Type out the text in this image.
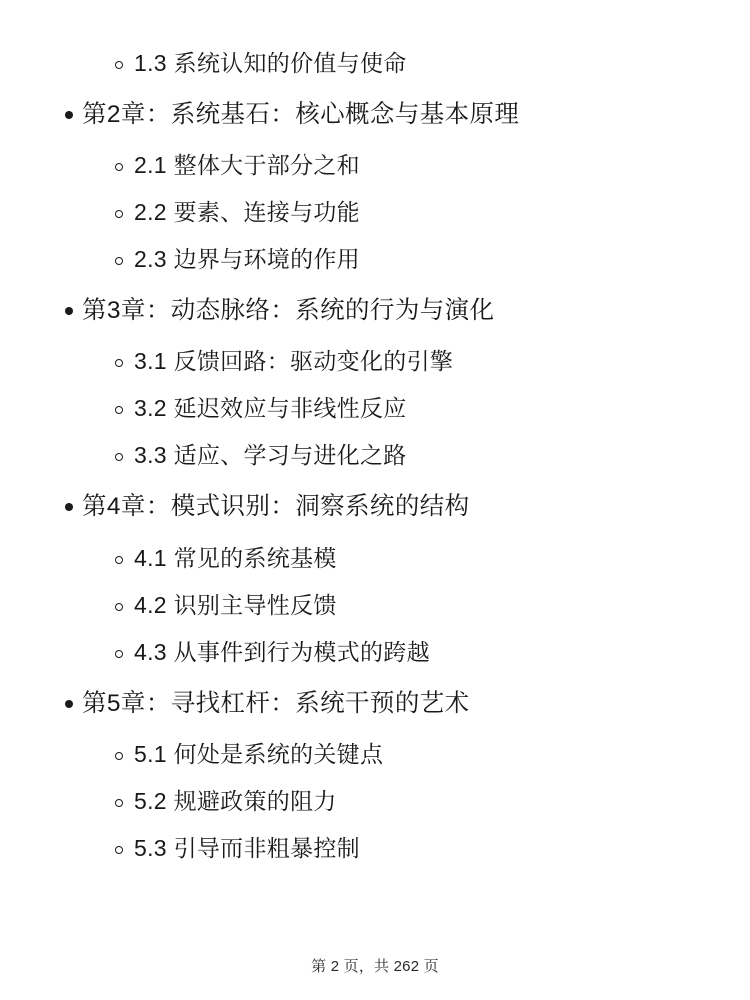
1.3 系统认知的价值与使命
第2章：系统基石：核心概念与基本原理
2.1 整体大于部分之和
2.2 要素、连接与功能
2.3 边界与环境的作用
第3章：动态脉络：系统的行为与演化
3.1 反馈回路：驱动变化的引擎
3.2 延迟效应与非线性反应
3.3 适应、学习与进化之路
第4章：模式识别：洞察系统的结构
4.1 常见的系统基模
4.2 识别主导性反馈
4.3 从事件到行为模式的跨越
第5章：寻找杠杆：系统干预的艺术
5.1 何处是系统的关键点
5.2 规避政策的阻力
5.3 引导而非粗暴控制
第 2 页，共 262 页
